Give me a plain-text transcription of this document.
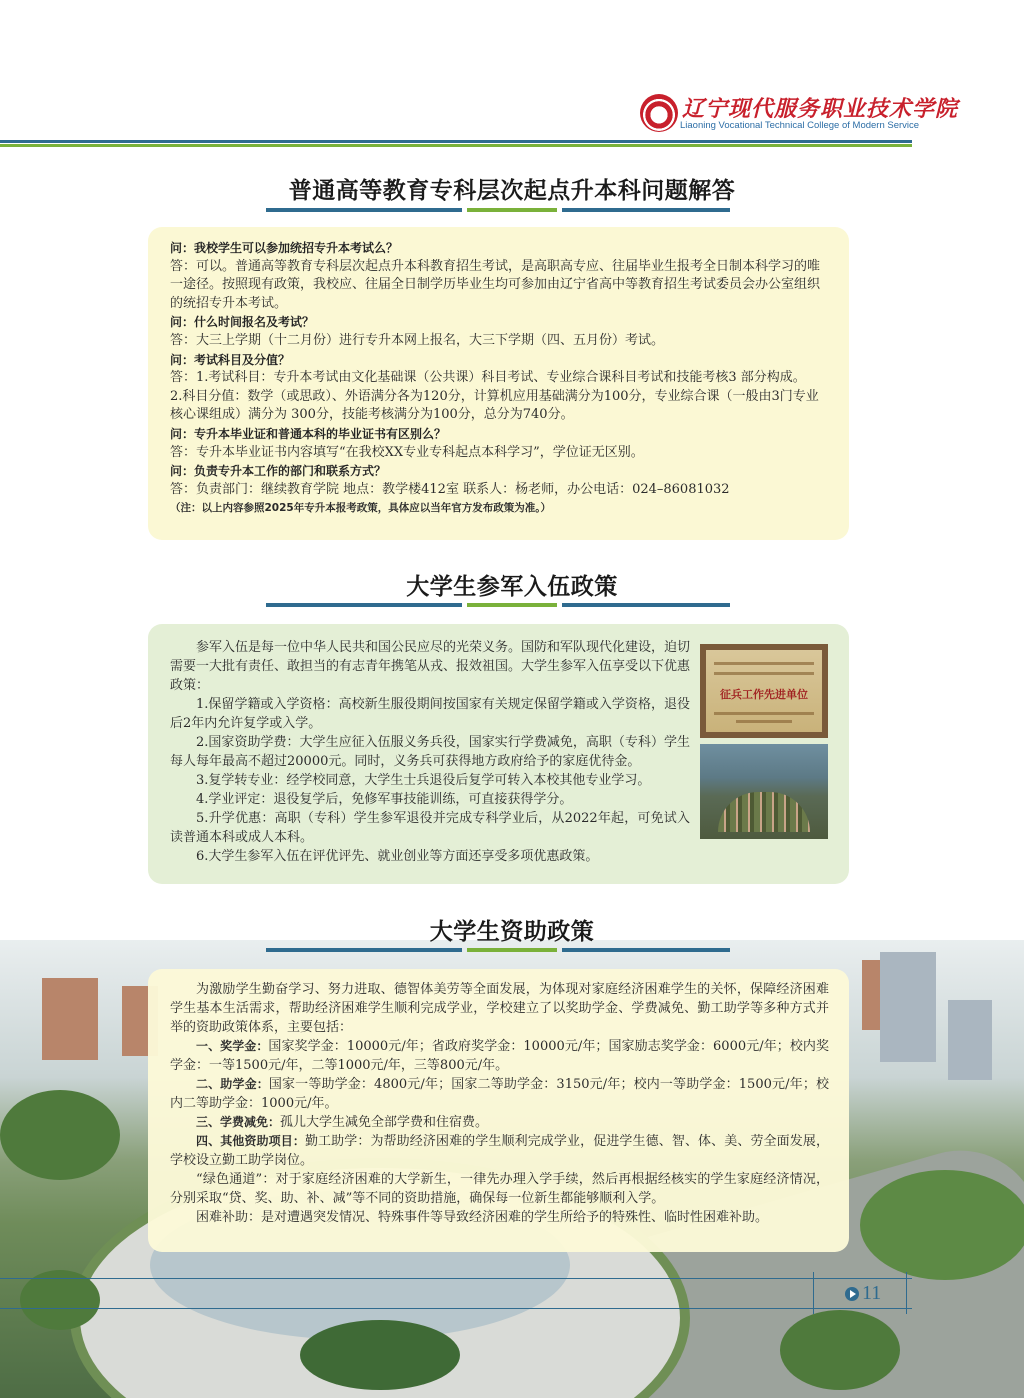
辽宁现代服务职业技术学院
Liaoning Vocational Technical College of Modern Service
普通高等教育专科层次起点升本科问题解答

问：我校学生可以参加统招专升本考试么？

答：可以。普通高等教育专科层次起点升本科教育招生考试，是高职高专应、往届毕业生报考全日制本科学习的唯一途径。按照现有政策，我校应、往届全日制学历毕业生均可参加由辽宁省高中等教育招生考试委员会办公室组织的统招专升本考试。

问：什么时间报名及考试？

答：大三上学期（十二月份）进行专升本网上报名，大三下学期（四、五月份）考试。

问：考试科目及分值？

答：1.考试科目：专升本考试由文化基础课（公共课）科目考试、专业综合课科目考试和技能考核3 部分构成。

2.科目分值：数学（或思政）、外语满分各为120分，计算机应用基础满分为100分，专业综合课（一般由3门专业核心课组成）满分为 300分，技能考核满分为100分，总分为740分。

问：专升本毕业证和普通本科的毕业证书有区别么？

答：专升本毕业证书内容填写“在我校XX专业专科起点本科学习”，学位证无区别。

问：负责专升本工作的部门和联系方式？

答：负责部门：继续教育学院 地点：教学楼412室 联系人：杨老师，办公电话：024–86081032

（注：以上内容参照2025年专升本报考政策，具体应以当年官方发布政策为准。）

大学生参军入伍政策

参军入伍是每一位中华人民共和国公民应尽的光荣义务。国防和军队现代化建设，迫切需要一大批有责任、敢担当的有志青年携笔从戎、报效祖国。大学生参军入伍享受以下优惠政策：

1.保留学籍或入学资格：高校新生服役期间按国家有关规定保留学籍或入学资格，退役后2年内允许复学或入学。

2.国家资助学费：大学生应征入伍服义务兵役，国家实行学费减免，高职（专科）学生每人每年最高不超过20000元。同时，义务兵可获得地方政府给予的家庭优待金。

3.复学转专业：经学校同意，大学生士兵退役后复学可转入本校其他专业学习。

4.学业评定：退役复学后，免修军事技能训练，可直接获得学分。

5.升学优惠：高职（专科）学生参军退役并完成专科学业后，从2022年起，可免试入读普通本科或成人本科。

6.大学生参军入伍在评优评先、就业创业等方面还享受多项优惠政策。

征兵工作先进单位
大学生资助政策

为激励学生勤奋学习、努力进取、德智体美劳等全面发展，为体现对家庭经济困难学生的关怀，保障经济困难学生基本生活需求，帮助经济困难学生顺利完成学业，学校建立了以奖助学金、学费减免、勤工助学等多种方式并举的资助政策体系，主要包括：

一、奖学金：国家奖学金：10000元/年；省政府奖学金：10000元/年；国家励志奖学金：6000元/年；校内奖学金：一等1500元/年，二等1000元/年，三等800元/年。

二、助学金：国家一等助学金：4800元/年；国家二等助学金：3150元/年；校内一等助学金：1500元/年；校内二等助学金：1000元/年。

三、学费减免：孤儿大学生减免全部学费和住宿费。

四、其他资助项目：勤工助学：为帮助经济困难的学生顺利完成学业，促进学生德、智、体、美、劳全面发展，学校设立勤工助学岗位。

“绿色通道”：对于家庭经济困难的大学新生，一律先办理入学手续，然后再根据经核实的学生家庭经济情况，分别采取“贷、奖、助、补、减”等不同的资助措施，确保每一位新生都能够顺利入学。

困难补助：是对遭遇突发情况、特殊事件等导致经济困难的学生所给予的特殊性、临时性困难补助。

11
